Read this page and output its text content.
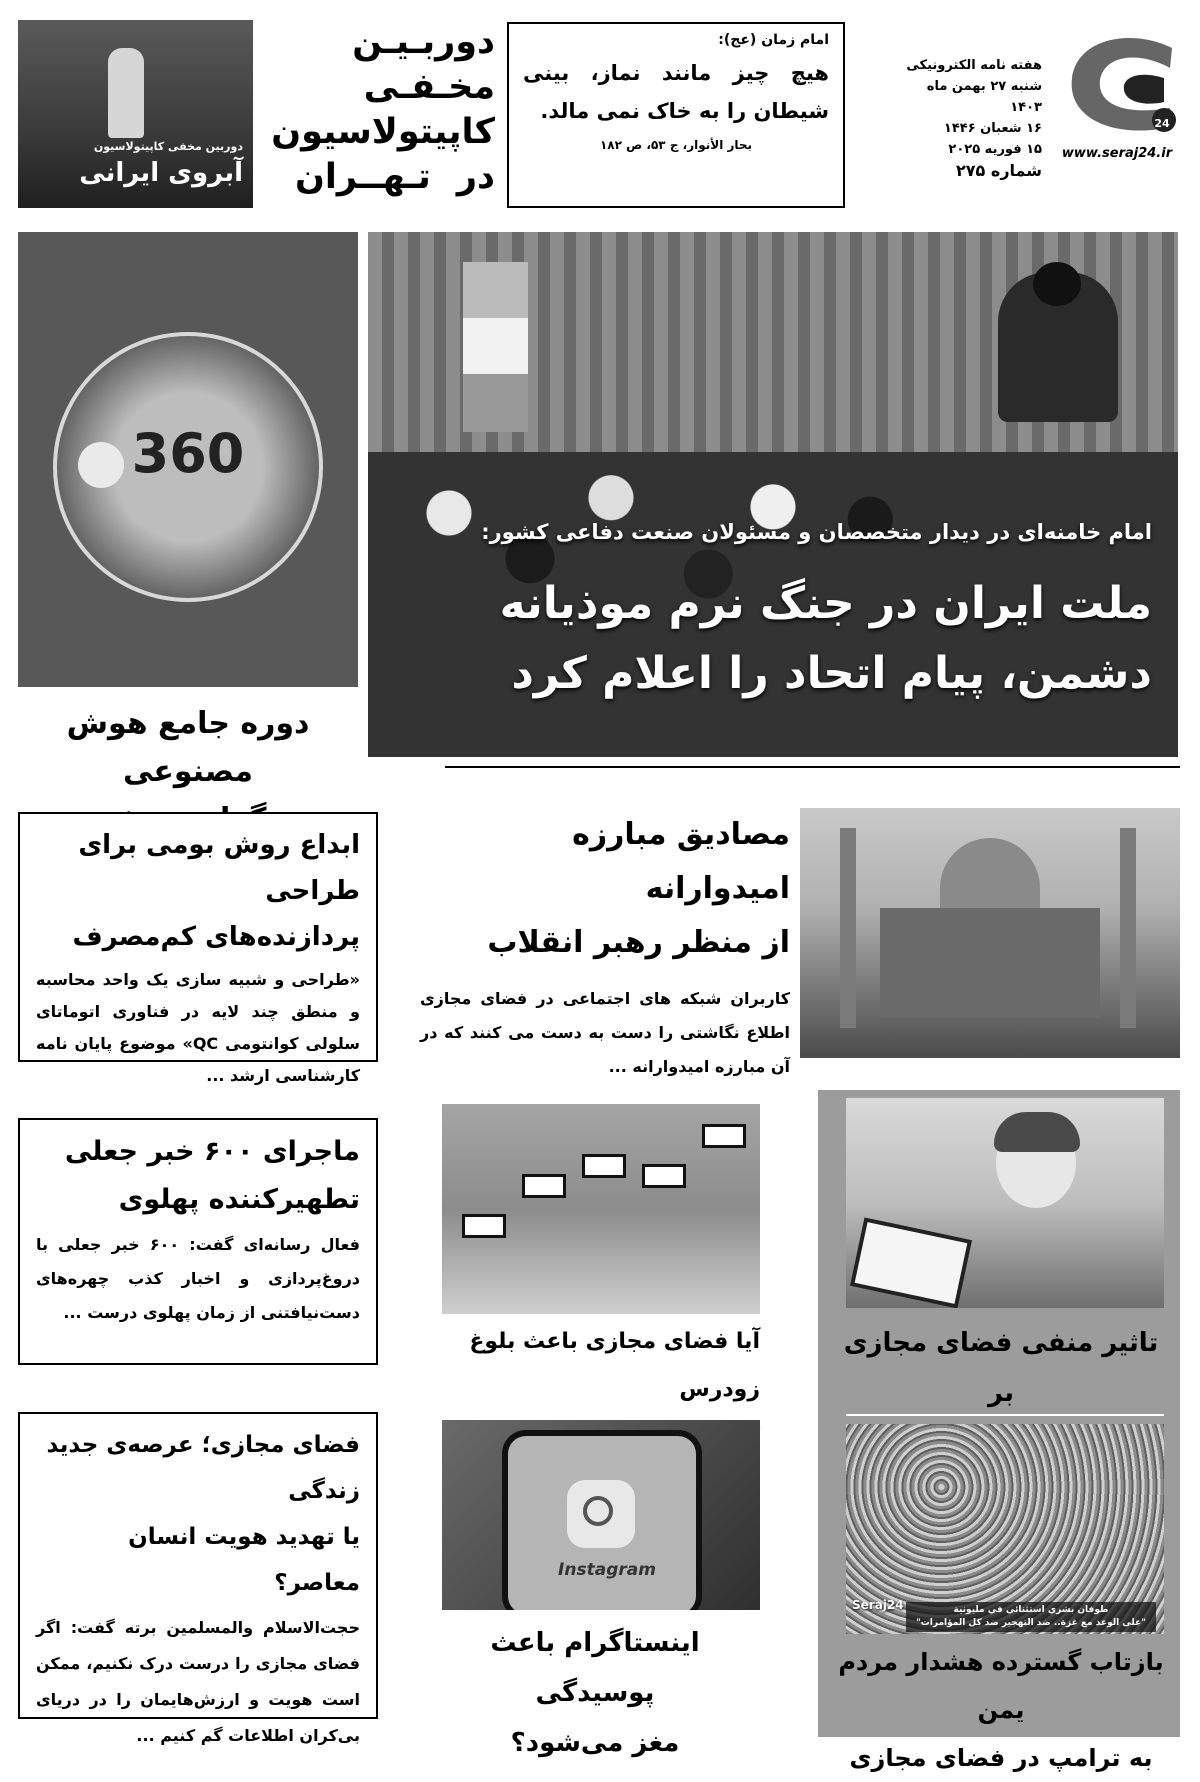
24
www.seraj24.ir
هفته نامه الکترونیکی
شنبه ۲۷ بهمن ماه ۱۴۰۳
۱۶ شعبان ۱۴۴۶
۱۵ فوریه ۲۰۲۵
شماره ۲۷۵
امام زمان (عج):
هیچ چیز مانند نماز، بینی شیطان را به خاک نمی مالد.
بحار الأنوار، ج ۵۳، ص ۱۸۲
دوربـیـن
مخـفـی
کاپیتولاسیون
در تـهــران
دوربین مخفی کاپیتولاسیون
آبروی ایرانی
امام خامنه‌ای در دیدار متخصصان و مسئولان صنعت دفاعی کشور:
ملت ایران در جنگ نرم موذیانه
دشمن، پیام اتحاد را اعلام کرد
360
دوره جامع هوش مصنوعی
ابداع روش بومی برای طراحی
پردازنده‌های کم‌مصرف
«طراحی و شبیه سازی یک واحد محاسبه و منطق چند لایه در فناوری اتوماتای سلولی کوانتومی QC» موضوع پایان نامه کارشناسی ارشد ...
مصادیق مبارزه امیدوارانه
از منظر رهبر انقلاب
کاربران شبکه های اجتماعی در فضای مجازی اطلاع نگاشتی را دست به دست می کنند که در آن مبارزه امیدوارانه ...
ماجرای ۶۰۰ خبر جعلی
تطهیرکننده پهلوی
فعال رسانه‌ای گفت: ۶۰۰ خبر جعلی با دروغ‌پردازی و اخبار کذب چهره‌های دست‌نیافتنی از زمان پهلوی درست ...
آیا فضای مجازی باعث بلوغ زودرس
تاثیر منفی فضای مجازی بر
Seraj24	طوفان بشري استثنائي في مليونية
"على الوعد مع غزة.. ضد التهجير ضد كل المؤامرات"
بازتاب گسترده هشدار مردم یمن
به ترامپ در فضای مجازی
فضای مجازی؛ عرصه‌ی جدید زندگی
یا تهدید هویت انسان معاصر؟
حجت‌الاسلام والمسلمین برته گفت: اگر فضای مجازی را درست درک نکنیم، ممکن است هویت و ارزش‌هایمان را در دریای بی‌کران اطلاعات گم کنیم ...
Instagram
اینستاگرام باعث پوسیدگی
مغز می‌شود؟
